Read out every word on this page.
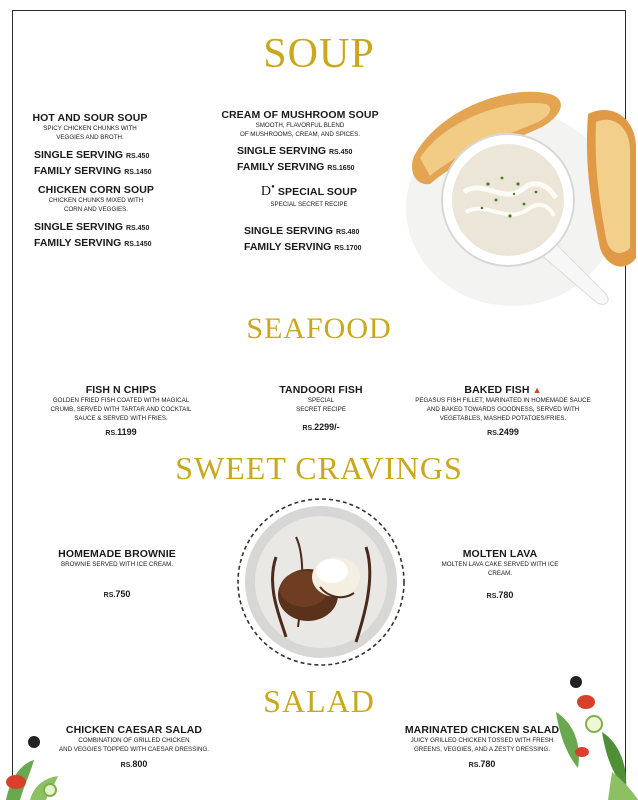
SOUP
HOT AND SOUR SOUP
SPICY CHICKEN CHUNKS WITH
VEGGIES AND BROTH.
SINGLE SERVING RS.450
FAMILY SERVING RS.1450
CHICKEN CORN SOUP
CHICKEN CHUNKS MIXED WITH
CORN AND VEGGIES.
SINGLE SERVING RS.450
FAMILY SERVING RS.1450
CREAM OF MUSHROOM SOUP
SMOOTH, FLAVORFUL BLEND
OF MUSHROOMS, CREAM, AND SPICES.
SINGLE SERVING RS.450
FAMILY SERVING RS.1650
D● SPECIAL SOUP
SPECIAL SECRET RECIPE
SINGLE SERVING RS.480
FAMILY SERVING RS.1700
SEAFOOD
FISH N CHIPS
GOLDEN FRIED FISH COATED WITH MAGICAL
CRUMB, SERVED WITH TARTAR AND COCKTAIL
SAUCE & SERVED WITH FRIES.
RS.1199
TANDOORI FISH
SPECIAL
SECRET RECIPE
RS.2299/-
BAKED FISH ▲
PEGASUS FISH FILLET, MARINATED IN HOMEMADE SAUCE
AND BAKED TOWARDS GOODNESS, SERVED WITH
VEGETABLES, MASHED POTATOES/FRIES.
RS.2499
SWEET CRAVINGS
HOMEMADE BROWNIE
BROWNIE SERVED WITH ICE CREAM.
RS.750
MOLTEN LAVA
MOLTEN LAVA CAKE SERVED WITH ICE
CREAM.
RS.780
SALAD
CHICKEN CAESAR SALAD
COMBINATION OF GRILLED CHICKEN
AND VEGGIES TOPPED WITH CAESAR DRESSING.
RS.800
MARINATED CHICKEN SALAD
JUICY GRILLED CHICKEN TOSSED WITH FRESH
GREENS, VEGGIES, AND A ZESTY DRESSING.
RS.780
